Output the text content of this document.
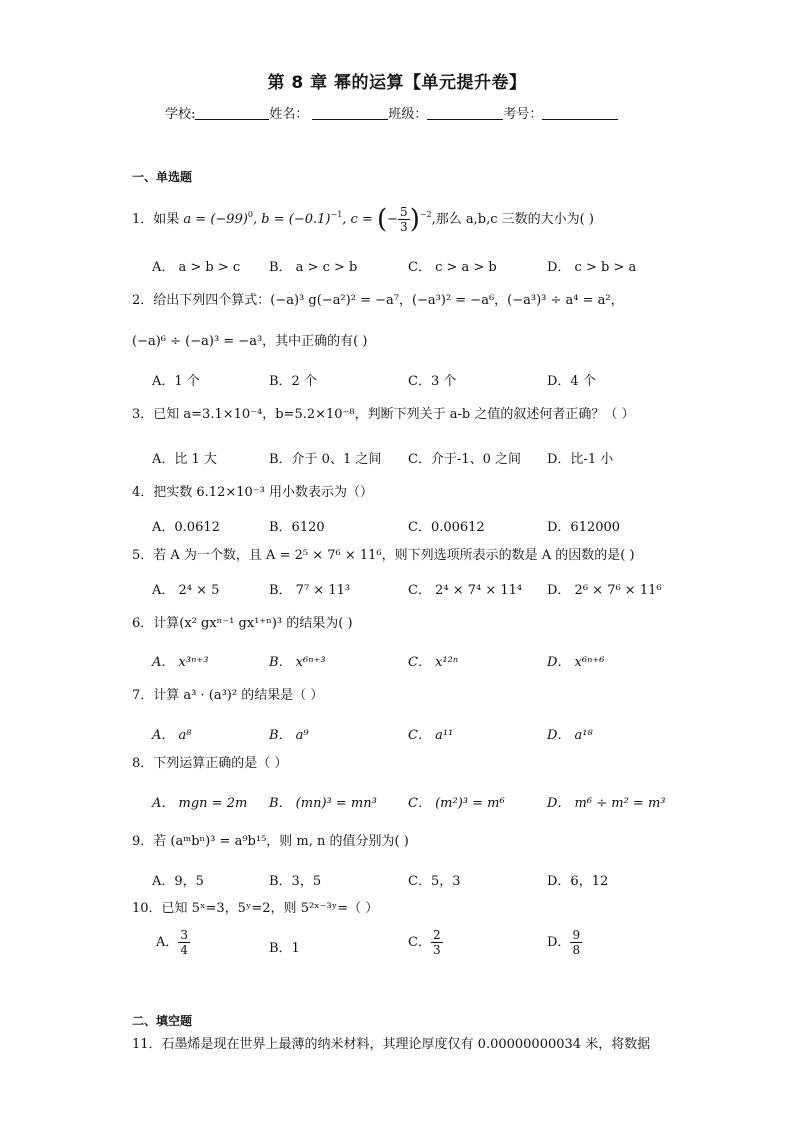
第 8 章 幂的运算【单元提升卷】
学校:	姓名：	班级：	考号：
一、单选题
1．如果 $a = (-99)^0$, $b = (-0.1)^{-1}$, c = (− $\frac{5}{3} )^{-2}$,那么 a,b,c 三数的大小为( )
A． a > b > c B． a > c > b	C． c > a > b	D． c > b > a
2．给出下列四个算式：(−a)³ g(−a²)² = −a⁷，(−a³)² = −a⁶，(−a³)³ ÷ a⁴ = a²，
(−a)⁶ ÷ (−a)³ = −a³，其中正确的有( )
A．1 个	B．2 个	C．3 个	D．4 个
3．已知 a=3.1×10⁻⁴，b=5.2×10⁻⁸，判断下列关于 a-b 之值的叙述何者正确？（ ）
A．比 1 大	B．介于 0、1 之间 C．介于-1、0 之间 D．比-1 小
4．把实数 6.12×10⁻³ 用小数表示为（）
A．0.0612	B．6120	C．0.00612	D．612000
5．若 A 为一个数，且 A = 2⁵ × 7⁶ × 11⁶，则下列选项所表示的数是 A 的因数的是( )
A． 2⁴ × 5	B． 7⁷ × 11³	C． 2⁴ × 7⁴ × 11⁴ D． 2⁶ × 7⁶ × 11⁶
6．计算(x² gxⁿ⁻¹ gx¹⁺ⁿ)³ 的结果为( )
A． x³ⁿ⁺³	B． x⁶ⁿ⁺³	C． x¹²ⁿ	D． x⁶ⁿ⁺⁶
7．计算 a³ · (a³)² 的结果是（ ）
A． a⁸	B． a⁹	C． a¹¹	D． a¹⁸
8．下列运算正确的是（ ）
A． mgn = 2m B． (mn)³ = mn³ C． (m²)³ = m⁶	D． m⁶ ÷ m² = m³
9．若 (aᵐbⁿ)³ = a⁹b¹⁵，则 m, n 的值分别为( )
A．9，5	B．3，5	C．5，3	D．6，12
10．已知 5ˣ=3，5ʸ=2，则 5²ˣ⁻³ʸ=（ ）
A． $\frac{3}{4}$	B．1	C． $\frac{2}{3}$	D． $\frac{9}{8}$
二、填空题
11．石墨烯是现在世界上最薄的纳米材料，其理论厚度仅有 0.00000000034 米，将数据
